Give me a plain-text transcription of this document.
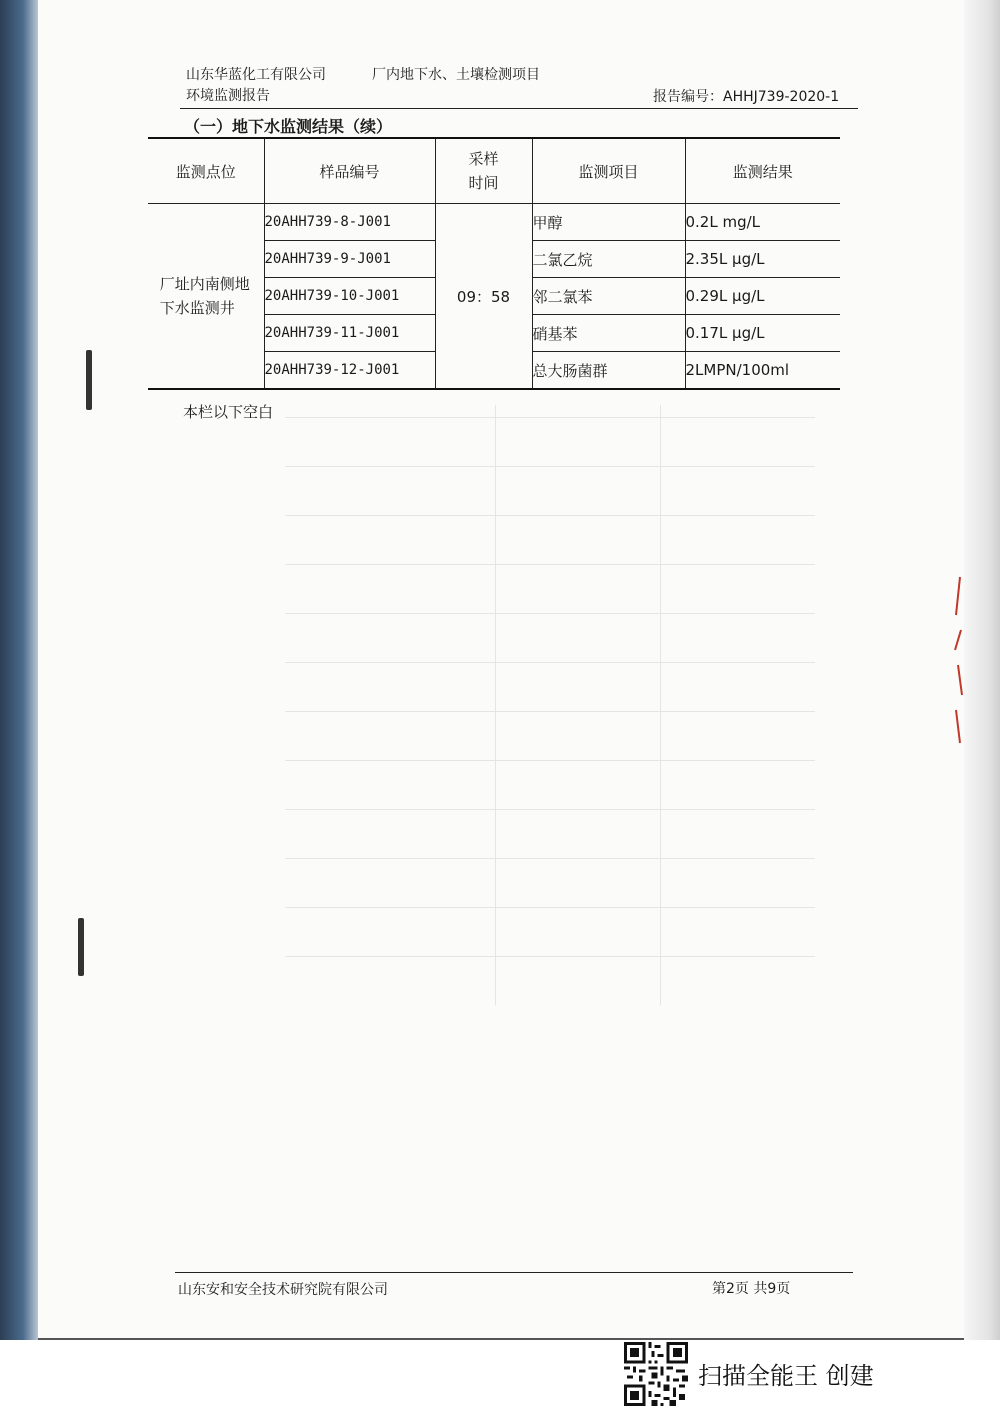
山东华蓝化工有限公司	厂内地下水、土壤检测项目
环境监测报告	报告编号：AHHJ739-2020-1
（一）地下水监测结果（续）
监测点位	样品编号	采样时间	监测项目	监测结果
厂址内南侧地下水监测井	20AHH739-8-J001	09：58	甲醇	0.2L mg/L
	20AHH739-9-J001		二氯乙烷	2.35L μg/L
	20AHH739-10-J001		邻二氯苯	0.29L μg/L
	20AHH739-11-J001		硝基苯	0.17L μg/L
	20AHH739-12-J001		总大肠菌群	2LMPN/100ml
本栏以下空白
山东安和安全技术研究院有限公司	第2页 共9页
扫描全能王 创建
